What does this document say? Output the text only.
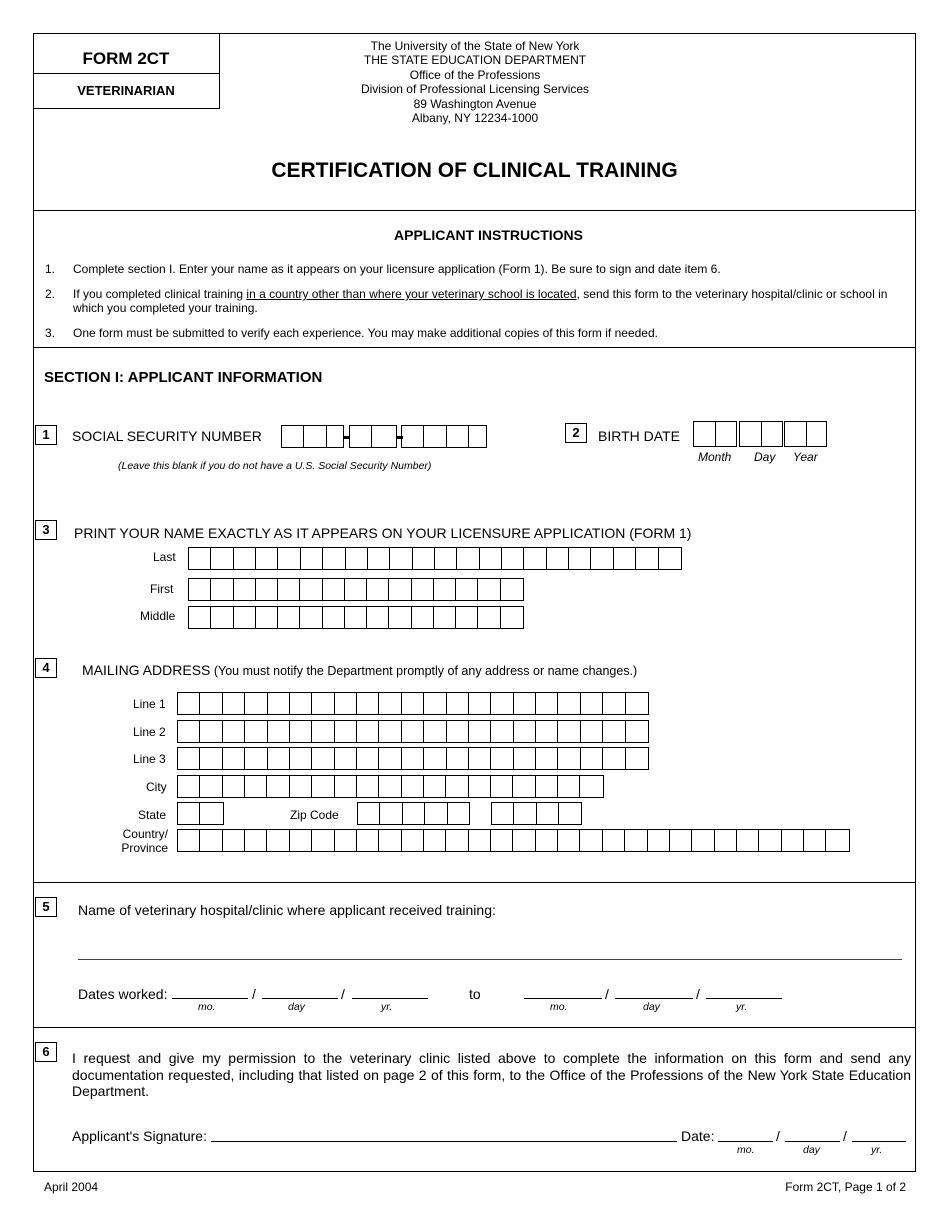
FORM 2CT
VETERINARIAN
The University of the State of New York
THE STATE EDUCATION DEPARTMENT
Office of the Professions
Division of Professional Licensing Services
89 Washington Avenue
Albany, NY 12234-1000
CERTIFICATION OF CLINICAL TRAINING
APPLICANT INSTRUCTIONS
1. Complete section I. Enter your name as it appears on your licensure application (Form 1). Be sure to sign and date item 6.
2. If you completed clinical training in a country other than where your veterinary school is located, send this form to the veterinary hospital/clinic or school in which you completed your training.
3. One form must be submitted to verify each experience. You may make additional copies of this form if needed.
SECTION I: APPLICANT INFORMATION
1	SOCIAL SECURITY NUMBER
(Leave this blank if you do not have a U.S. Social Security Number)
2	BIRTH DATE
Month Day Year
3	PRINT YOUR NAME EXACTLY AS IT APPEARS ON YOUR LICENSURE APPLICATION (FORM 1)
Last
First
Middle
4	MAILING ADDRESS (You must notify the Department promptly of any address or name changes.)
Line 1
Line 2
Line 3
City
State	Zip Code
Country/
Province
5	Name of veterinary hospital/clinic where applicant received training:
Dates worked:	/	/	to	/	/
mo.	day	yr.	mo.	day	yr.
6	I request and give my permission to the veterinary clinic listed above to complete the information on this form and send any documentation requested, including that listed on page 2 of this form, to the Office of the Professions of the New York State Education Department.
Applicant's Signature:	Date:	/	/
mo.	day	yr.
April 2004	Form 2CT, Page 1 of 2
